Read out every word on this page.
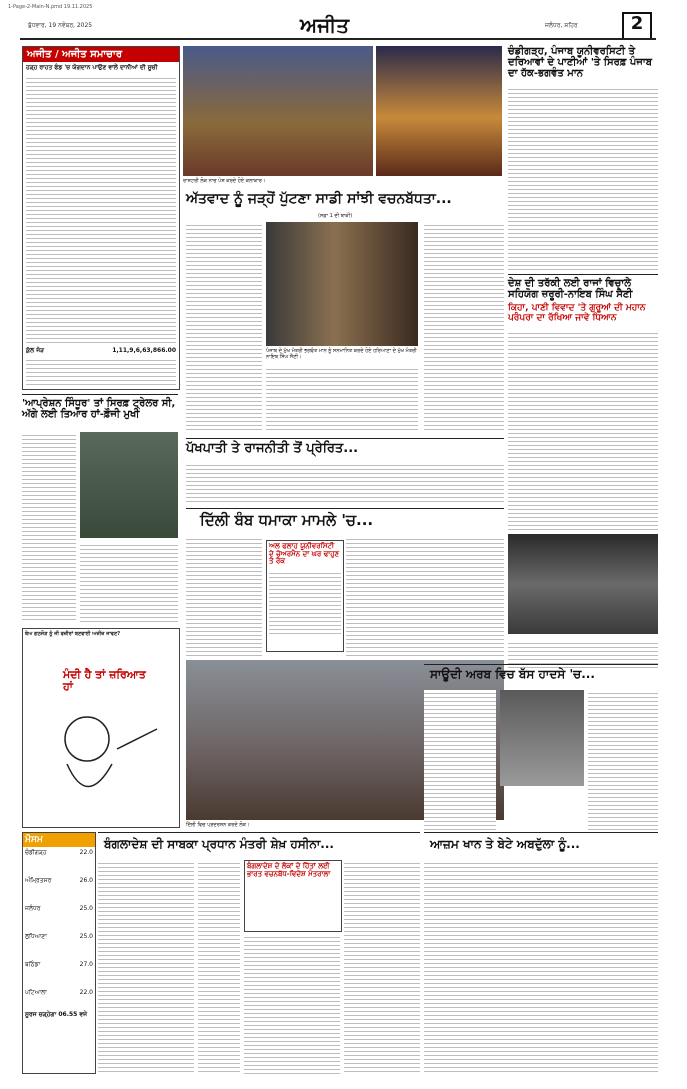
1-Page-2-Main-N.pmd 19.11.2025
ਬੁੱਧਵਾਰ, 19 ਨਵੰਬਰ, 2025	ਅਜੀਤ	ਜਲੰਧਰ, ਸ਼ਹਿਰ	2
ਅਜੀਤ / ਅਜੀਤ ਸਮਾਚਾਰ
ਹੜ੍ਹ ਰਾਹਤ ਫੰਡ 'ਚ ਯੋਗਦਾਨ ਪਾਉਣ ਵਾਲੇ ਦਾਨੀਆਂ ਦੀ ਸੂਚੀ
ਕੁੱਲ ਜੋੜ	1,11,9,6,63,866.00
ਰਾਸ਼ਟਰੀ ਲੋਕ ਨਾਚ ਪੇਸ਼ ਕਰਦੇ ਹੋਏ ਕਲਾਕਾਰ।
ਚੰਡੀਗੜ੍ਹ, ਪੰਜਾਬ ਯੂਨੀਵਰਸਿਟੀ ਤੇ ਦਰਿਆਵਾਂ ਦੇ ਪਾਣੀਆਂ 'ਤੇ ਸਿਰਫ਼ ਪੰਜਾਬ ਦਾ ਹੱਕ-ਭਗਵੰਤ ਮਾਨ
ਅੱਤਵਾਦ ਨੂੰ ਜੜ੍ਹੋਂ ਪੁੱਟਣਾ ਸਾਡੀ ਸਾਂਝੀ ਵਚਨਬੱਧਤਾ...
(ਸਫ਼ਾ 1 ਦੀ ਬਾਕੀ)
ਪੰਜਾਬ ਦੇ ਮੁੱਖ ਮੰਤਰੀ ਭਗਵੰਤ ਮਾਨ ਨੂੰ ਸਨਮਾਨਿਤ ਕਰਦੇ ਹੋਏ ਹਰਿਆਣਾ ਦੇ ਮੁੱਖ ਮੰਤਰੀ ਨਾਇਬ ਸਿੰਘ ਸੈਣੀ।
ਦੇਸ਼ ਦੀ ਤਰੱਕੀ ਲਈ ਰਾਜਾਂ ਵਿਚਾਲੇ ਸਹਿਯੋਗ ਜ਼ਰੂਰੀ-ਨਾਇਬ ਸਿੰਘ ਸੈਣੀ
ਕਿਹਾ, ਪਾਣੀ ਵਿਵਾਦ 'ਤੇ ਗੁਰੂਆਂ ਦੀ ਮਹਾਨ ਪਰੰਪਰਾ ਦਾ ਰੱਖਿਆ ਜਾਵੇ ਧਿਆਨ
'ਆਪ੍ਰੇਸ਼ਨ ਸਿੰਧੂਰ' ਤਾਂ ਸਿਰਫ਼ ਟ੍ਰੇਲਰ ਸੀ, ਅੱਗੇ ਲਈ ਤਿਆਰ ਹਾਂ-ਫ਼ੌਜੀ ਮੁਖੀ
ਪੱਖਪਾਤੀ ਤੇ ਰਾਜਨੀਤੀ ਤੋਂ ਪ੍ਰੇਰਿਤ...
ਦਿੱਲੀ ਬੰਬ ਧਮਾਕਾ ਮਾਮਲੇ 'ਚ...
ਅਲ ਫਲਾਹ ਯੂਨੀਵਰਸਿਟੀ ਦੇ ਚੇਅਰਮੈਨ ਦਾ ਘਰ ਢਾਹੁਣ ਤੇ ਰੋਕ
ਦਿੱਲੀ ਵਿਚ ਪ੍ਰਦਰਸ਼ਨ ਕਰਦੇ ਲੋਕ।
ਬੇਅ ਗਠਜੋੜ ਨੂੰ ਜੀ ਵਜ਼ੀਰਾਂ ਬਣਵਾਈ ਅਜ਼ੀਜ਼ ਜਾਵਣ?
ਮੰਦੀ ਹੈ ਤਾਂ ਜ਼ਰਿਆਤ ਹਾਂ
ਸਾਊਦੀ ਅਰਬ ਵਿਚ ਬੱਸ ਹਾਦਸੇ 'ਚ...
ਮੌਸਮ
ਚੰਡੀਗੜ੍ਹ	22.0
ਅੰਮ੍ਰਿਤਸਰ	26.0
ਜਲੰਧਰ	25.0
ਲੁਧਿਆਣਾ	25.0
ਬਠਿੰਡਾ	27.0
ਪਟਿਆਲਾ	22.0
ਸੂਰਜ ਚੜ੍ਹੇਗਾ 06.55 ਵਜੇ
ਬੰਗਲਾਦੇਸ਼ ਦੀ ਸਾਬਕਾ ਪ੍ਰਧਾਨ ਮੰਤਰੀ ਸ਼ੇਖ਼ ਹਸੀਨਾ...
ਬੰਗਲਾਦੇਸ਼ ਦੇ ਲੋਕਾਂ ਦੇ ਹਿੱਤਾਂ ਲਈ ਭਾਰਤ ਵਚਨਬੱਧ-ਵਿਦੇਸ਼ ਮੰਤਰਾਲਾ
ਆਜ਼ਮ ਖਾਨ ਤੇ ਬੇਟੇ ਅਬਦੁੱਲਾ ਨੂੰ...
